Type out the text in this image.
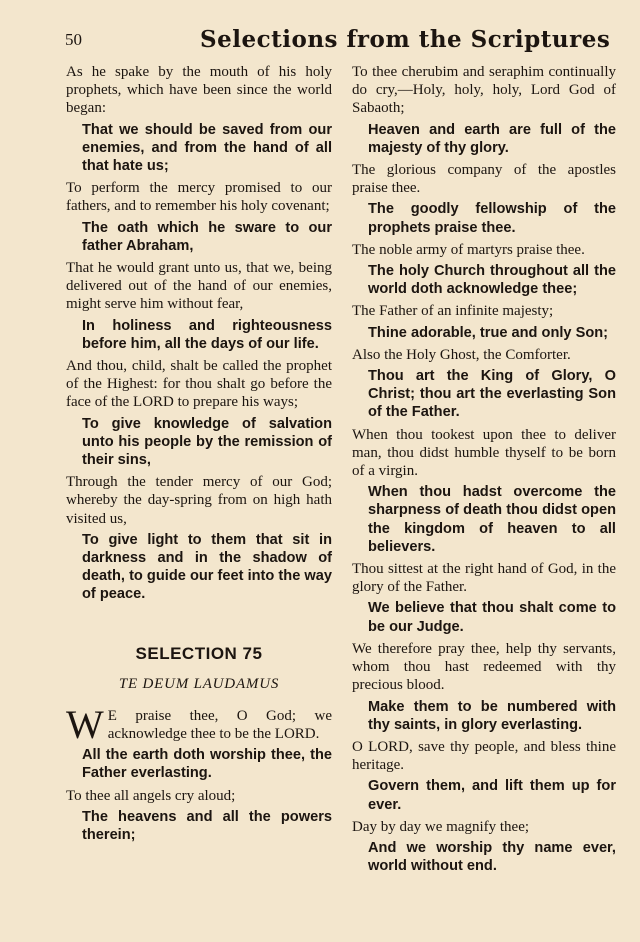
50	Selections from the Scriptures

As he spake by the mouth of his holy prophets, which have been since the world began:

That we should be saved from our enemies, and from the hand of all that hate us;

To perform the mercy promised to our fathers, and to remember his holy covenant;

The oath which he sware to our father Abraham,

That he would grant unto us, that we, being delivered out of the hand of our enemies, might serve him without fear,

In holiness and righteousness before him, all the days of our life.

And thou, child, shalt be called the prophet of the Highest: for thou shalt go before the face of the LORD to prepare his ways;

To give knowledge of salvation unto his people by the remission of their sins,

Through the tender mercy of our God; whereby the day-spring from on high hath visited us,

To give light to them that sit in darkness and in the shadow of death, to guide our feet into the way of peace.

SELECTION 75
TE DEUM LAUDAMUS

W E praise thee, O God; we acknowledge thee to be the LORD.

All the earth doth worship thee, the Father everlasting.

To thee all angels cry aloud;

The heavens and all the powers therein;

To thee cherubim and seraphim continually do cry,—Holy, holy, holy, Lord God of Sabaoth;

Heaven and earth are full of the majesty of thy glory.

The glorious company of the apostles praise thee.

The goodly fellowship of the prophets praise thee.

The noble army of martyrs praise thee.

The holy Church throughout all the world doth acknowledge thee;

The Father of an infinite majesty;

Thine adorable, true and only Son;

Also the Holy Ghost, the Comforter.

Thou art the King of Glory, O Christ; thou art the everlasting Son of the Father.

When thou tookest upon thee to deliver man, thou didst humble thyself to be born of a virgin.

When thou hadst overcome the sharpness of death thou didst open the kingdom of heaven to all believers.

Thou sittest at the right hand of God, in the glory of the Father.

We believe that thou shalt come to be our Judge.

We therefore pray thee, help thy servants, whom thou hast redeemed with thy precious blood.

Make them to be numbered with thy saints, in glory everlasting.

O LORD, save thy people, and bless thine heritage.

Govern them, and lift them up for ever.

Day by day we magnify thee;

And we worship thy name ever, world without end.
